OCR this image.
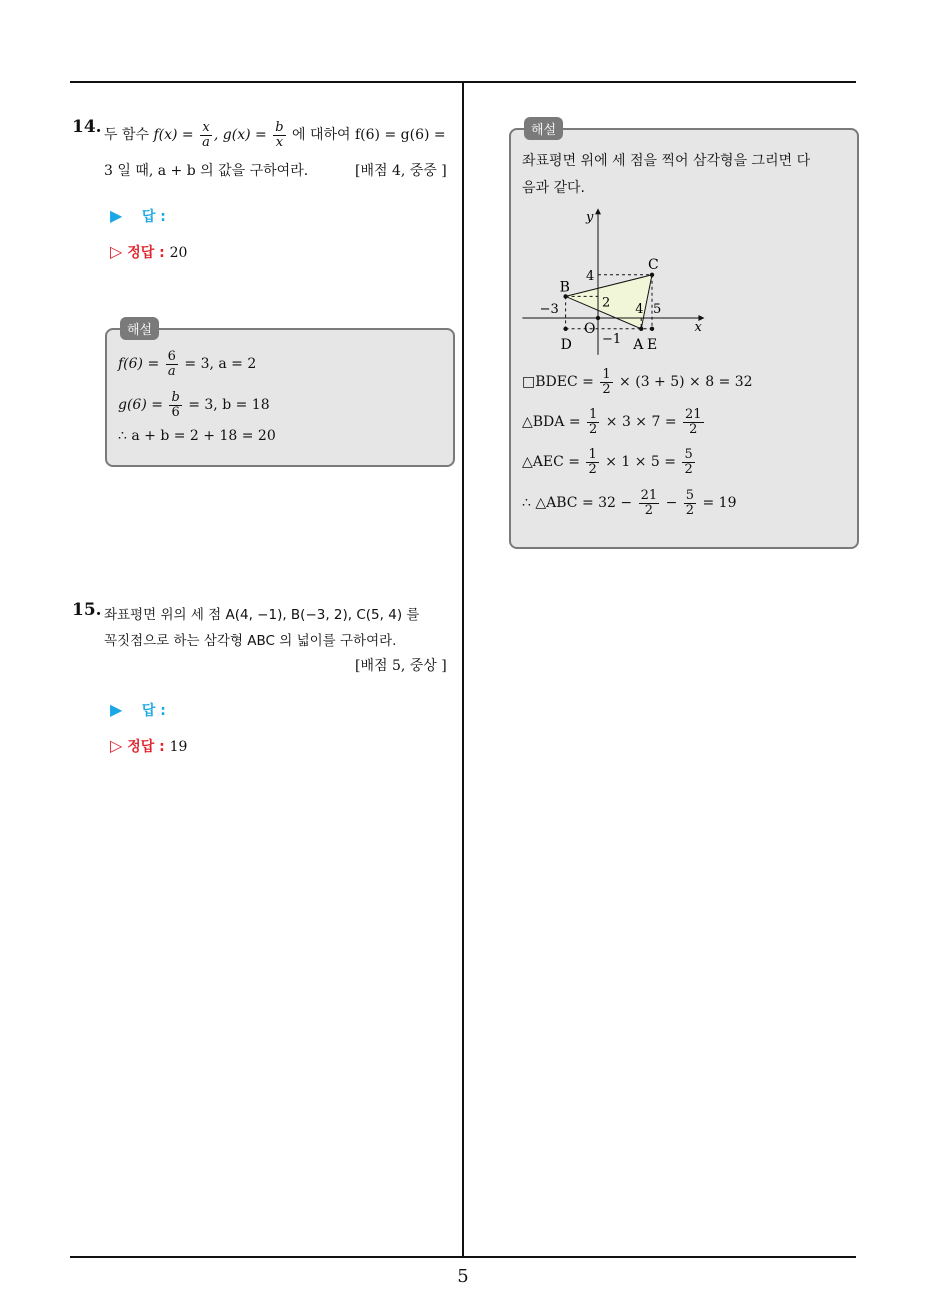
14. 두 함수 $f(x) = \frac{x}{a}$ , $g(x) = \frac{b}{x}$ 에 대하여 f(6) = g(6) =
3 일 때, a + b 의 값을 구하여라.	[배점 4, 중중 ]
▶ 답 :
▷ 정답 : 20
해설
$f(6) = \frac{6}{a} = 3$, a = 2
$g(6) = \frac{b}{6} = 3$, b = 18
∴ a + b = 2 + 18 = 20
15. 좌표평면 위의 세 점 A(4, −1), B(−3, 2), C(5, 4) 를
꼭짓점으로 하는 삼각형 ABC 의 넓이를 구하여라.
[배점 5, 중상 ]
▶ 답 :
▷ 정답 : 19
해설
좌표평면 위에 세 점을 찍어 삼각형을 그리면 다
음과 같다.
y
x
O
A
B
C
D	E
4
2
−3	4 5
−1
□BDEC = $\frac{1}{2} \times (3 + 5) \times 8 = 32$
△BDA = $\frac{1}{2} \times 3 \times 7 = \frac{21}{2}$
△AEC = $\frac{1}{2} \times 1 \times 5 = \frac{5}{2}$
∴ △ABC = $32 - \frac{21}{2} - \frac{5}{2} = 19$
5
